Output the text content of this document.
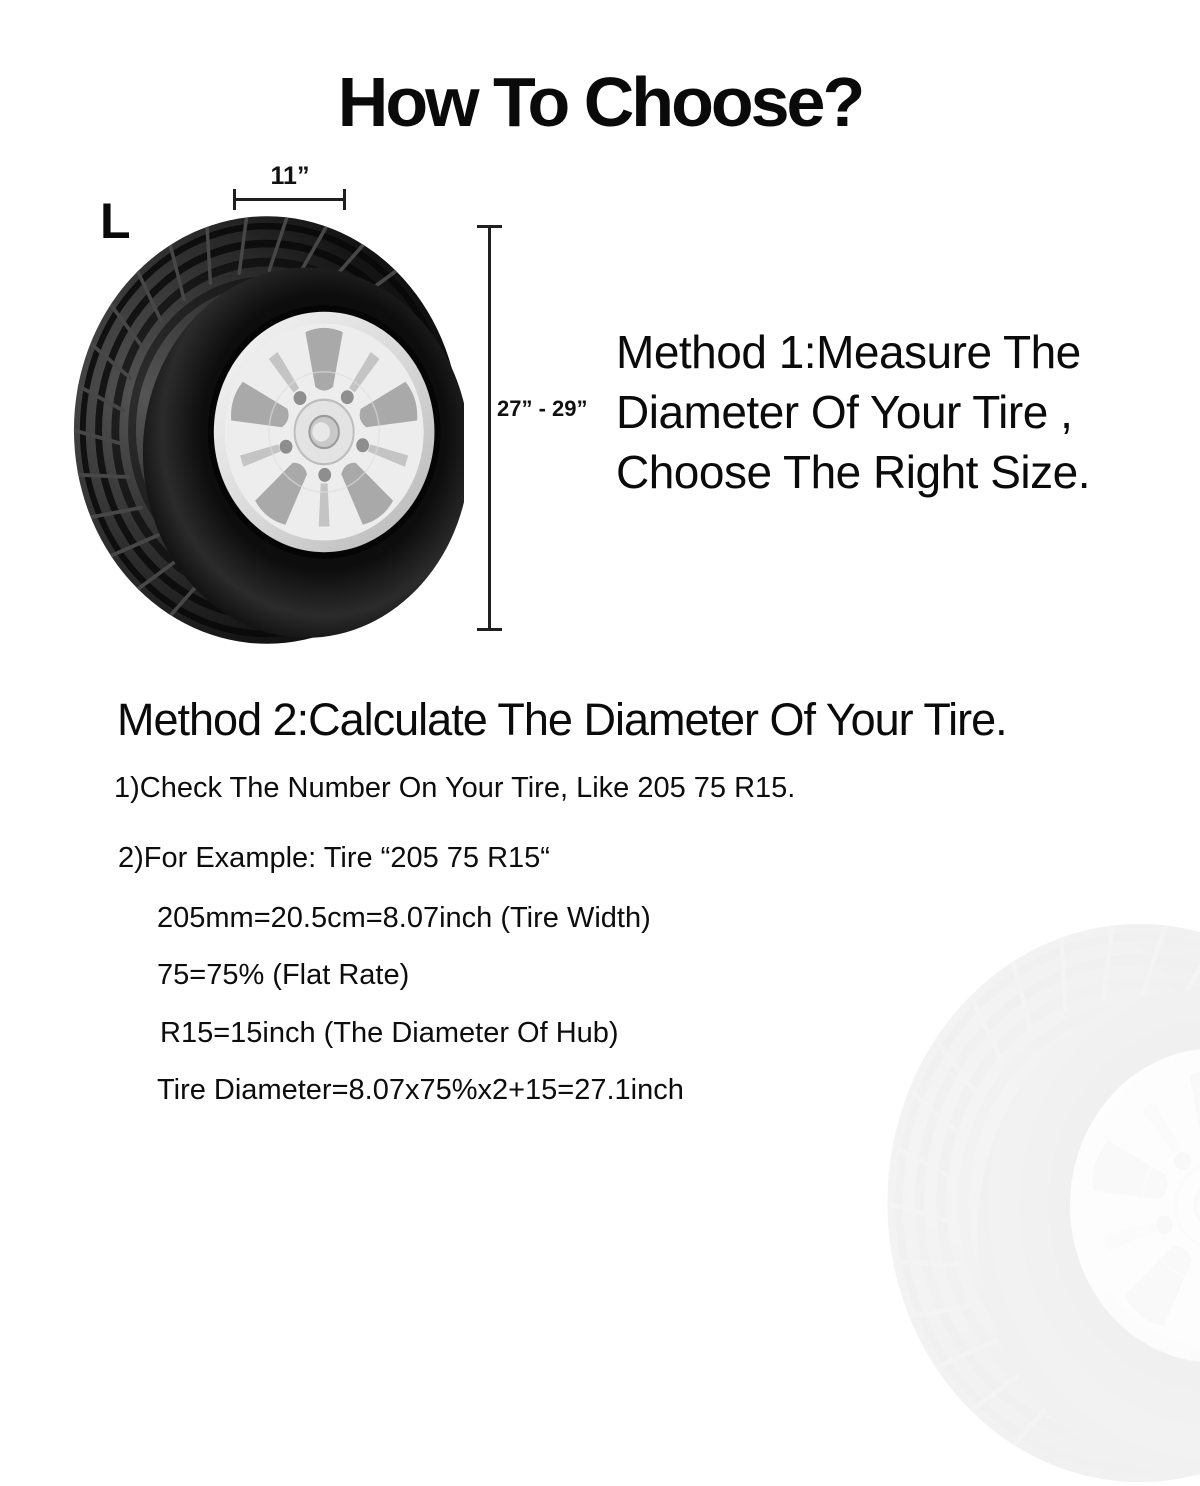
How To Choose?
L
11”
27” - 29”
Method 1:Measure The
Diameter Of Your Tire ,
Choose The Right Size.
Method 2:Calculate The Diameter Of Your Tire.
1)Check The Number On Your Tire, Like 205 75 R15.
2)For Example: Tire “205 75 R15“
205mm=20.5cm=8.07inch (Tire Width)
75=75% (Flat Rate)
R15=15inch (The Diameter Of Hub)
Tire Diameter=8.07x75%x2+15=27.1inch
